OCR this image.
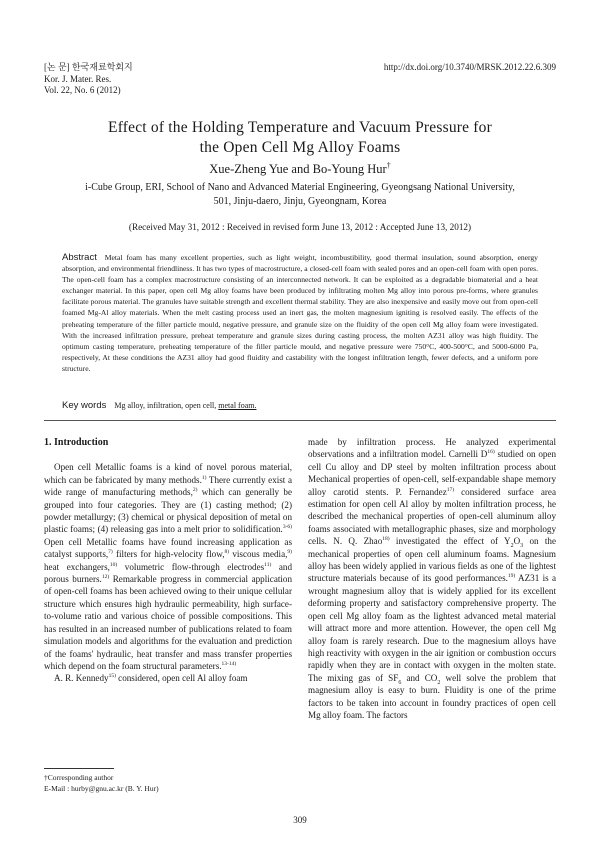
[논 문] 한국재료학회지
Kor. J. Mater. Res.
Vol. 22, No. 6 (2012)
http://dx.doi.org/10.3740/MRSK.2012.22.6.309
Effect of the Holding Temperature and Vacuum Pressure for
the Open Cell Mg Alloy Foams
Xue-Zheng Yue and Bo-Young Hur†
i-Cube Group, ERI, School of Nano and Advanced Material Engineering, Gyeongsang National University,
501, Jinju-daero, Jinju, Gyeongnam, Korea
(Received May 31, 2012 : Received in revised form June 13, 2012 : Accepted June 13, 2012)
Abstract Metal foam has many excellent properties, such as light weight, incombustibility, good thermal insulation, sound absorption, energy absorption, and environmental friendliness. It has two types of macrostructure, a closed-cell foam with sealed pores and an open-cell foam with open pores. The open-cell foam has a complex macrostructure consisting of an interconnected network. It can be exploited as a degradable biomaterial and a heat exchanger material. In this paper, open cell Mg alloy foams have been produced by infiltrating molten Mg alloy into porous pre-forms, where granules facilitate porous material. The granules have suitable strength and excellent thermal stability. They are also inexpensive and easily move out from open-cell foamed Mg-Al alloy materials. When the melt casting process used an inert gas, the molten magnesium igniting is resolved easily. The effects of the preheating temperature of the filler particle mould, negative pressure, and granule size on the fluidity of the open cell Mg alloy foam were investigated. With the increased infiltration pressure, preheat temperature and granule sizes during casting process, the molten AZ31 alloy was high fluidity. The optimum casting temperature, preheating temperature of the filler particle mould, and negative pressure were 750°C, 400-500°C, and 5000-6000 Pa, respectively, At these conditions the AZ31 alloy had good fluidity and castability with the longest infiltration length, fewer defects, and a uniform pore structure.
Key words Mg alloy, infiltration, open cell, metal foam.
1. Introduction

Open cell Metallic foams is a kind of novel porous material, which can be fabricated by many methods.$^{1)}$ There currently exist a wide range of manufacturing methods,$^{2)}$ which can generally be grouped into four categories. They are (1) casting method; (2) powder metallurgy; (3) chemical or physical deposition of metal on plastic foams; (4) releasing gas into a melt prior to solidification.$^{3-6)}$ Open cell Metallic foams have found increasing application as catalyst supports,$^{7)}$ filters for high-velocity flow,$^{8)}$ viscous media,$^{9)}$ heat exchangers,$^{10)}$ volumetric flow-through electrodes$^{11)}$ and porous burners.$^{12)}$ Remarkable progress in commercial application of open-cell foams has been achieved owing to their unique cellular structure which ensures high hydraulic permeability, high surface-to-volume ratio and various choice of possible compositions. This has resulted in an increased number of publications related to foam simulation models and algorithms for the evaluation and prediction of the foams' hydraulic, heat transfer and mass transfer properties which depend on the foam structural parameters.$^{13-14)}$

A. R. Kennedy$^{15)}$ considered, open cell Al alloy foam

made by infiltration process. He analyzed experimental observations and a infiltration model. Carnelli $D^{16)}$ studied on open cell Cu alloy and DP steel by molten infiltration process about Mechanical properties of open-cell, self-expandable shape memory alloy carotid stents. P. Fernandez$^{17)}$ considered surface area estimation for open cell Al alloy by molten infiltration process, he described the mechanical properties of open-cell aluminum alloy foams associated with metallographic phases, size and morphology cells. N. Q. Zhao$^{18)}$ investigated the effect of $Y_2O_3$ on the mechanical properties of open cell aluminum foams. Magnesium alloy has been widely applied in various fields as one of the lightest structure materials because of its good performances.$^{19)}$ AZ31 is a wrought magnesium alloy that is widely applied for its excellent deforming property and satisfactory comprehensive property. The open cell Mg alloy foam as the lightest advanced metal material will attract more and more attention. However, the open cell Mg alloy foam is rarely research. Due to the magnesium alloys have high reactivity with oxygen in the air ignition or combustion occurs rapidly when they are in contact with oxygen in the molten state. The mixing gas of $SF_6$ and $CO_2$ well solve the problem that magnesium alloy is easy to burn. Fluidity is one of the prime factors to be taken into account in foundry practices of open cell Mg alloy foam. The factors

†Corresponding author
E-Mail : hurby@gnu.ac.kr (B. Y. Hur)
309
